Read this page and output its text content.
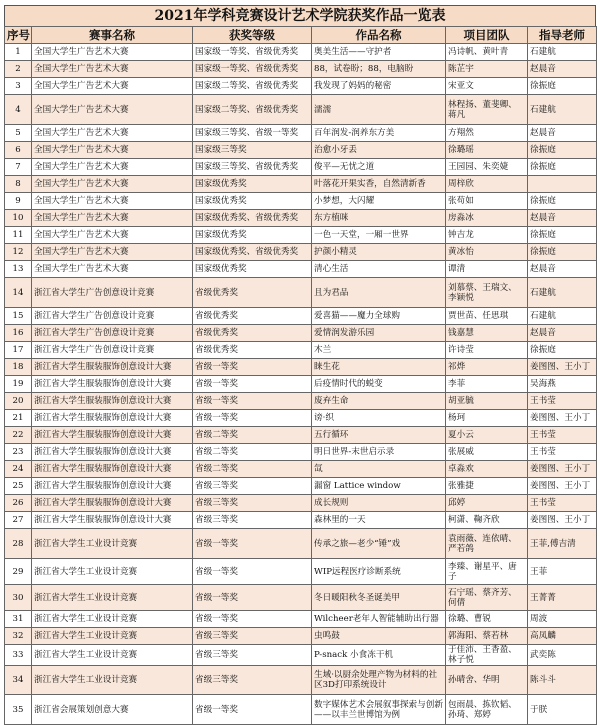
2021年学科竞赛设计艺术学院获奖作品一览表
序号	赛事名称	获奖等级	作品名称	项目团队	指导老师
1	全国大学生广告艺术大赛	国家级一等奖、省级优秀奖	奥美生活——守护者	冯诗帆、黄叶青	石建航
2	全国大学生广告艺术大赛	国家级一等奖、省级优秀奖	88，试卷盼；88，电脑盼	陈芷宇	赵晨音
3	全国大学生广告艺术大赛	国家级二等奖、省级优秀奖	我发现了妈妈的秘密	宋亚文	徐振庭
4	全国大学生广告艺术大赛	国家级二等奖、省级优秀奖	濡濡	林程扬、董斐卿、蒋凡	石建航
5	全国大学生广告艺术大赛	国家级三等奖、省级一等奖	百年润发-润养东方美	方翔然	赵晨音
6	全国大学生广告艺术大赛	国家级三等奖	治愈小牙丢	徐璐瑶	徐振庭
7	全国大学生广告艺术大赛	国家级三等奖、省级优秀奖	俊平—无忧之道	王园园、朱奕婕	徐振庭
8	全国大学生广告艺术大赛	国家级优秀奖	叶落花开果实香，自然清新香	周梓欣	
9	全国大学生广告艺术大赛	国家级优秀奖	小梦想，大闪耀	张苟如	徐振庭
10	全国大学生广告艺术大赛	国家级优秀奖、省级优秀奖	东方植咪	房淼冰	赵晨音
11	全国大学生广告艺术大赛	国家级优秀奖	一色一天堂，一厢一世界	钟吉龙	徐振庭
12	全国大学生广告艺术大赛	国家级优秀奖、省级优秀奖	护颜小精灵	黄冰怡	徐振庭
13	全国大学生广告艺术大赛	国家级优秀奖	清心生活	谭清	赵晨音
14	浙江省大学生广告创意设计竞赛	省级优秀奖	且为君品	刘慕蔡、王瑞文、李颖悦	石建航
15	浙江省大学生广告创意设计竞赛	省级优秀奖	爱喜猫——魔力全球购	贾世苗、任思琪	石建航
16	浙江省大学生广告创意设计竞赛	省级优秀奖	爱情润发游乐园	钱嘉慧	赵晨音
17	浙江省大学生广告创意设计竞赛	省级优秀奖	木兰	许诗莹	徐振庭
18	浙江省大学生服装服饰创意设计大赛	省级一等奖	睐生花	祁烨	姜图图、王小丁
19	浙江省大学生服装服饰创意设计大赛	省级一等奖	后疫情时代的蜕变	李菲	吴海燕
20	浙江省大学生服装服饰创意设计大赛	省级一等奖	废弃生命	胡亚毓	王书莹
21	浙江省大学生服装服饰创意设计大赛	省级一等奖	谤·织	杨珂	姜图图、王小丁
22	浙江省大学生服装服饰创意设计大赛	省级二等奖	五行循环	夏小云	王书莹
23	浙江省大学生服装服饰创意设计大赛	省级二等奖	明日世界-末世启示录	张展威	王书莹
24	浙江省大学生服装服饰创意设计大赛	省级二等奖	氙	卓淼欢	姜图图、王小丁
25	浙江省大学生服装服饰创意设计大赛	省级三等奖	漏窗 Lattice window	张雅捷	姜图图、王小丁
26	浙江省大学生服装服饰创意设计大赛	省级三等奖	成长规则	邱婷	王书莹
27	浙江省大学生服装服饰创意设计大赛	省级三等奖	森林里的一天	柯潇、鞠齐欣	姜图图、王小丁
28	浙江省大学生工业设计竞赛	省级一等奖	传承之旅—老少“锤”戏	袁雨薇、连依晴、严若鸽	王菲,傅吉清
29	浙江省大学生工业设计竞赛	省级一等奖	WIP远程医疗诊断系统	李臻、谢星平、唐子	王菲
30	浙江省大学生工业设计竞赛	省级一等奖	冬日暖阳秋冬圣诞美甲	石宁瑶、蔡齐芳、何倩	王菁菁
31	浙江省大学生工业设计竞赛	省级一等奖	Wilcheer老年人智能辅助出行器	徐璐、曹锐	周波
32	浙江省大学生工业设计竞赛	省级三等奖	虫鸣鼓	郭海阳、蔡若林	高凤麟
33	浙江省大学生工业设计竞赛	省级三等奖	P-snack 小食冻干机	于佳沛、王香盈、林子悦	武奕陈
34	浙江省大学生工业设计竞赛	省级三等奖	生域·以厨余处理产物为材料的社区3D打印系统设计	孙晴舍、华明	陈斗斗
35	浙江省会展策划创意大赛	省级一等奖	数字媒体艺术会展叙事探索与创新——以丰兰世博馆为例	包雨晨、拣钦韬、孙琦、郑婷	于朕
